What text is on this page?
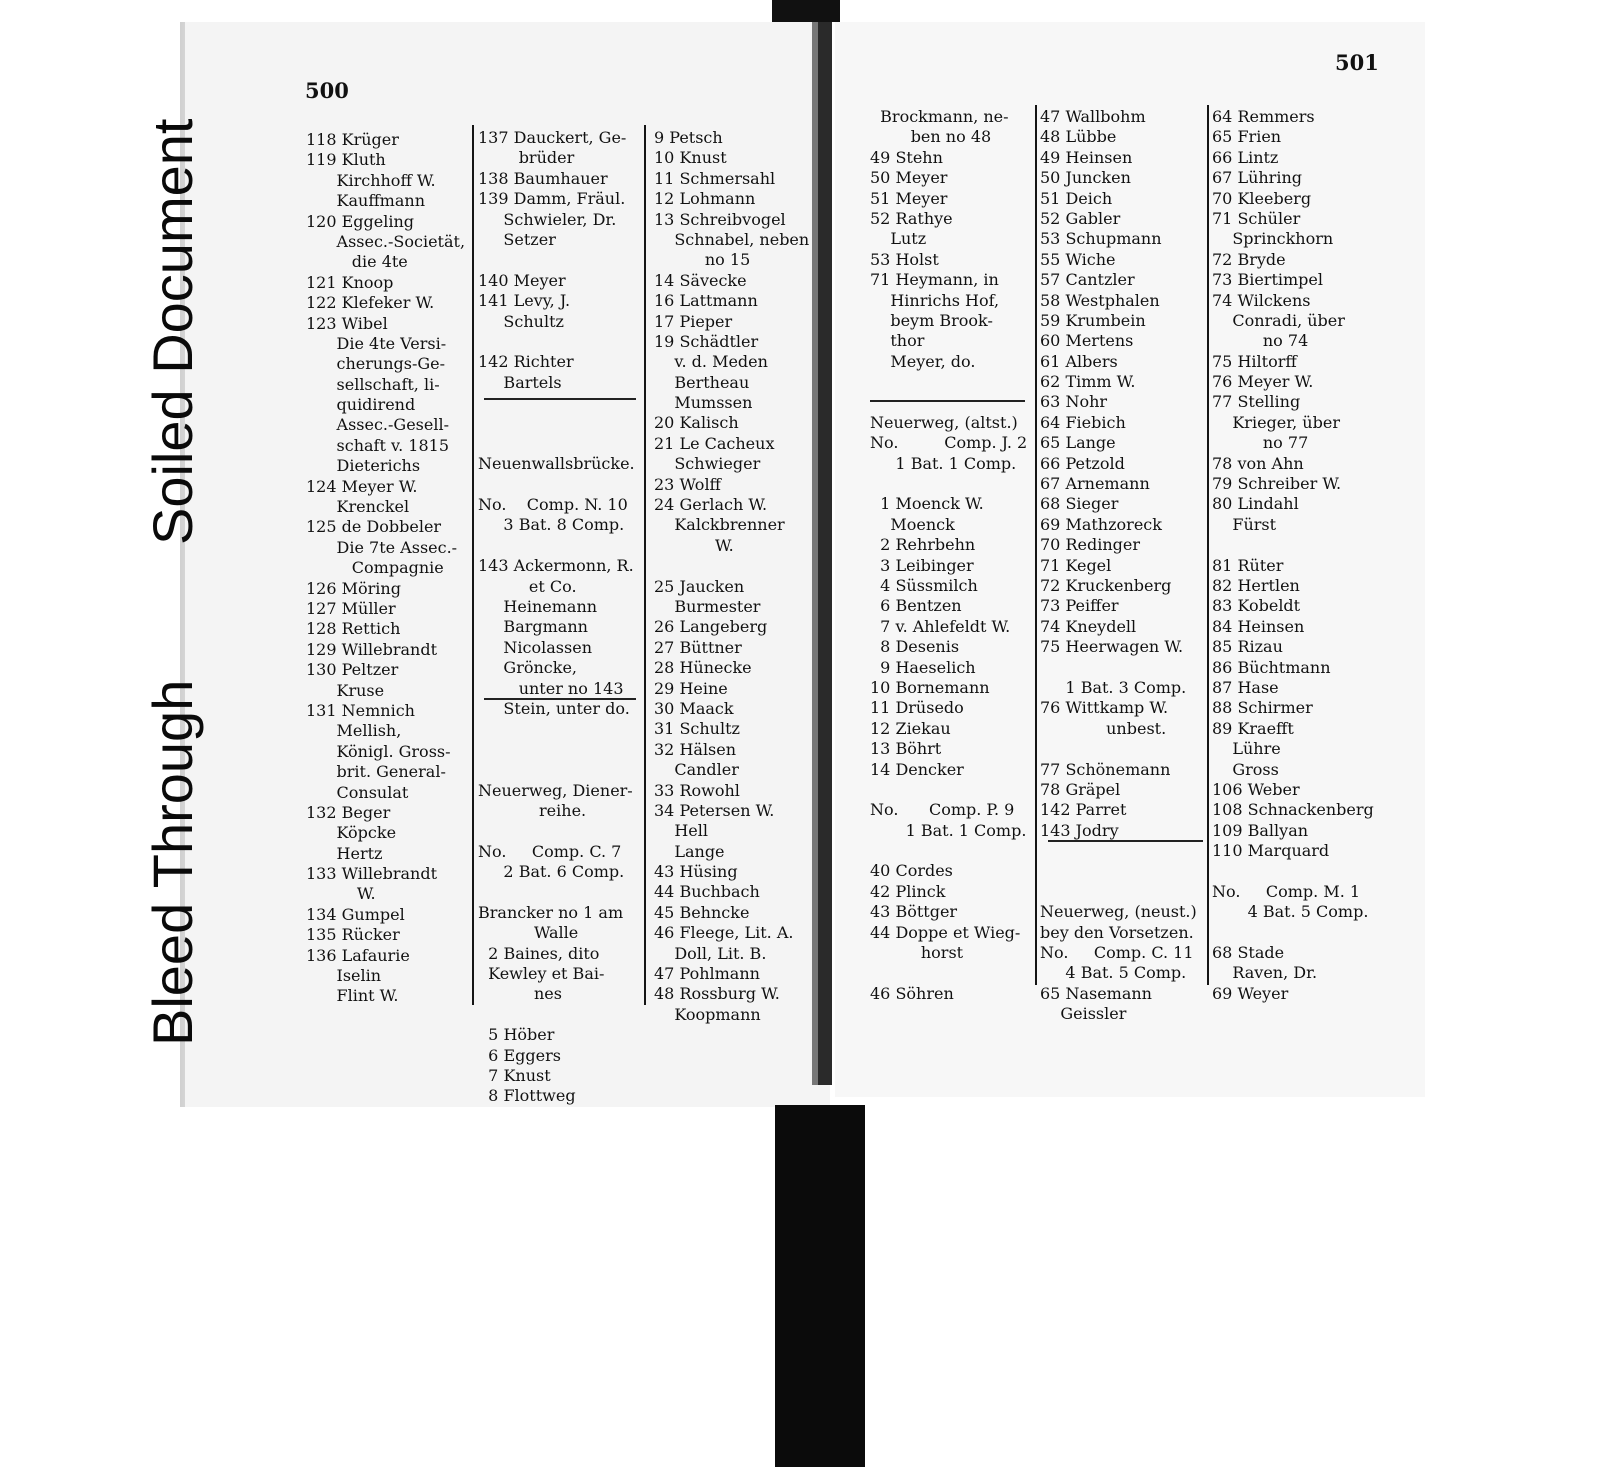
Bleed Through
Soiled Document
500
501
118 Krüger
119 Kluth
Kirchhoff W.
Kauffmann
120 Eggeling
Assec.-Societät,
die 4te
121 Knoop
122 Klefeker W.
123 Wibel
Die 4te Versi-
cherungs-Ge-
sellschaft, li-
quidirend
Assec.-Gesell-
schaft v. 1815
Dieterichs
124 Meyer W.
Krenckel
125 de Dobbeler
Die 7te Assec.-
Compagnie
126 Möring
127 Müller
128 Rettich
129 Willebrandt
130 Peltzer
Kruse
131 Nemnich
Mellish,
Königl. Gross-
brit. General-
Consulat
132 Beger
Köpcke
Hertz
133 Willebrandt
W.
134 Gumpel
135 Rücker
136 Lafaurie
Iselin
Flint W.
137 Dauckert, Ge-
brüder
138 Baumhauer
139 Damm, Fräul.
Schwieler, Dr.
Setzer
140 Meyer
141 Levy, J.
Schultz
142 Richter
Bartels
Neuenwallsbrücke.
No.    Comp. N. 10
3 Bat. 8 Comp.
143 Ackermonn, R.
et Co.
Heinemann
Bargmann
Nicolassen
Gröncke,
unter no 143
Stein, unter do.
Neuerweg, Diener-
reihe.
No.     Comp. C. 7
2 Bat. 6 Comp.
Brancker no 1 am
Walle
2 Baines, dito
Kewley et Bai-
nes
5 Höber
6 Eggers
7 Knust
8 Flottweg
9 Petsch
10 Knust
11 Schmersahl
12 Lohmann
13 Schreibvogel
Schnabel, neben
no 15
14 Sävecke
16 Lattmann
17 Pieper
19 Schädtler
v. d. Meden
Bertheau
Mumssen
20 Kalisch
21 Le Cacheux
Schwieger
23 Wolff
24 Gerlach W.
Kalckbrenner
W.
25 Jaucken
Burmester
26 Langeberg
27 Büttner
28 Hünecke
29 Heine
30 Maack
31 Schultz
32 Hälsen
Candler
33 Rowohl
34 Petersen W.
Hell
Lange
43 Hüsing
44 Buchbach
45 Behncke
46 Fleege, Lit. A.
Doll, Lit. B.
47 Pohlmann
48 Rossburg W.
Koopmann
Brockmann, ne-
ben no 48
49 Stehn
50 Meyer
51 Meyer
52 Rathye
Lutz
53 Holst
71 Heymann, in
Hinrichs Hof,
beym Brook-
thor
Meyer, do.
Neuerweg, (altst.)
No.         Comp. J. 2
1 Bat. 1 Comp.
1 Moenck W.
Moenck
2 Rehrbehn
3 Leibinger
4 Süssmilch
6 Bentzen
7 v. Ahlefeldt W.
8 Desenis
9 Haeselich
10 Bornemann
11 Drüsedo
12 Ziekau
13 Böhrt
14 Dencker
No.      Comp. P. 9
1 Bat. 1 Comp.
40 Cordes
42 Plinck
43 Böttger
44 Doppe et Wieg-
horst
46 Söhren
47 Wallbohm
48 Lübbe
49 Heinsen
50 Juncken
51 Deich
52 Gabler
53 Schupmann
55 Wiche
57 Cantzler
58 Westphalen
59 Krumbein
60 Mertens
61 Albers
62 Timm W.
63 Nohr
64 Fiebich
65 Lange
66 Petzold
67 Arnemann
68 Sieger
69 Mathzoreck
70 Redinger
71 Kegel
72 Kruckenberg
73 Peiffer
74 Kneydell
75 Heerwagen W.
1 Bat. 3 Comp.
76 Wittkamp W.
unbest.
77 Schönemann
78 Gräpel
142 Parret
143 Jodry
Neuerweg, (neust.)
bey den Vorsetzen.
No.     Comp. C. 11
4 Bat. 5 Comp.
65 Nasemann
Geissler
64 Remmers
65 Frien
66 Lintz
67 Lühring
70 Kleeberg
71 Schüler
Sprinckhorn
72 Bryde
73 Biertimpel
74 Wilckens
Conradi, über
no 74
75 Hiltorff
76 Meyer W.
77 Stelling
Krieger, über
no 77
78 von Ahn
79 Schreiber W.
80 Lindahl
Fürst
81 Rüter
82 Hertlen
83 Kobeldt
84 Heinsen
85 Rizau
86 Büchtmann
87 Hase
88 Schirmer
89 Kraefft
Lühre
Gross
106 Weber
108 Schnackenberg
109 Ballyan
110 Marquard
No.     Comp. M. 1
4 Bat. 5 Comp.
68 Stade
Raven, Dr.
69 Weyer
